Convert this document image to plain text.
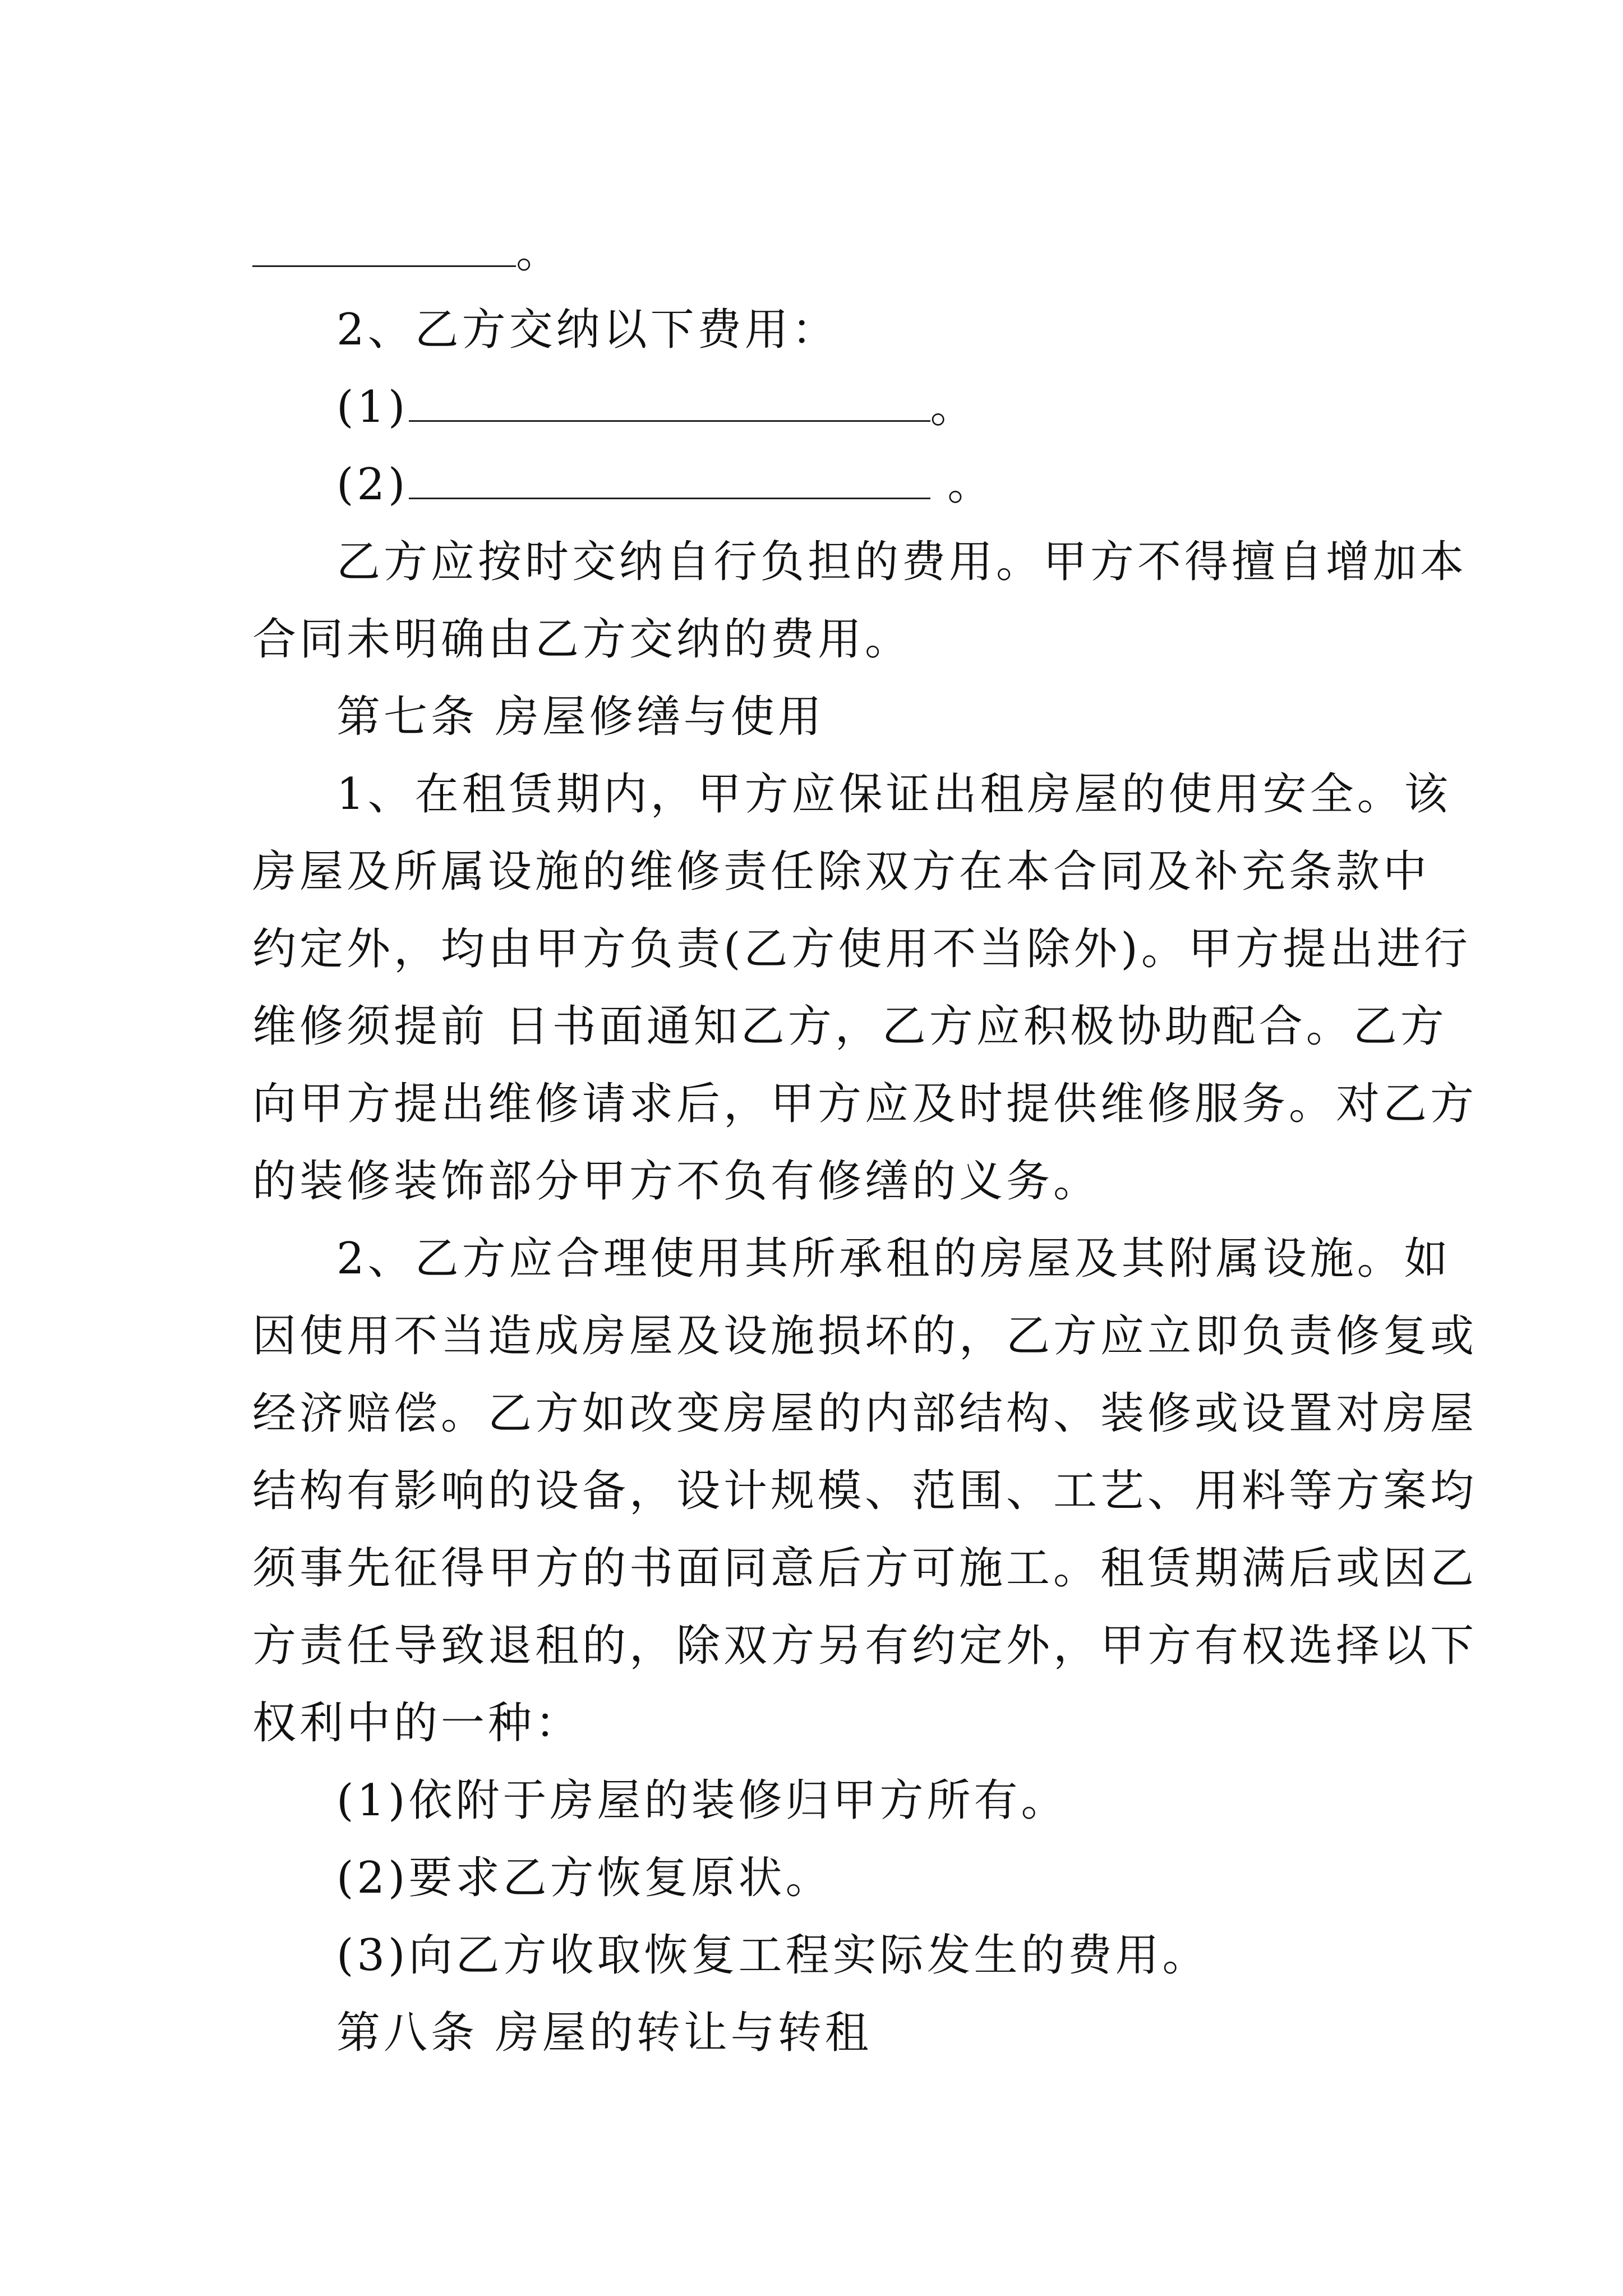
。
2、乙方交纳以下费用：
(1)	。
(2)	。
乙方应按时交纳自行负担的费用。甲方不得擅自增加本
合同未明确由乙方交纳的费用。
第七条 房屋修缮与使用
1、在租赁期内，甲方应保证出租房屋的使用安全。该
房屋及所属设施的维修责任除双方在本合同及补充条款中
约定外，均由甲方负责(乙方使用不当除外)。甲方提出进行
维修须提前 日书面通知乙方，乙方应积极协助配合。乙方
向甲方提出维修请求后，甲方应及时提供维修服务。对乙方
的装修装饰部分甲方不负有修缮的义务。
2、乙方应合理使用其所承租的房屋及其附属设施。如
因使用不当造成房屋及设施损坏的，乙方应立即负责修复或
经济赔偿。乙方如改变房屋的内部结构、装修或设置对房屋
结构有影响的设备，设计规模、范围、工艺、用料等方案均
须事先征得甲方的书面同意后方可施工。租赁期满后或因乙
方责任导致退租的，除双方另有约定外，甲方有权选择以下
权利中的一种：
(1)依附于房屋的装修归甲方所有。
(2)要求乙方恢复原状。
(3)向乙方收取恢复工程实际发生的费用。
第八条 房屋的转让与转租
